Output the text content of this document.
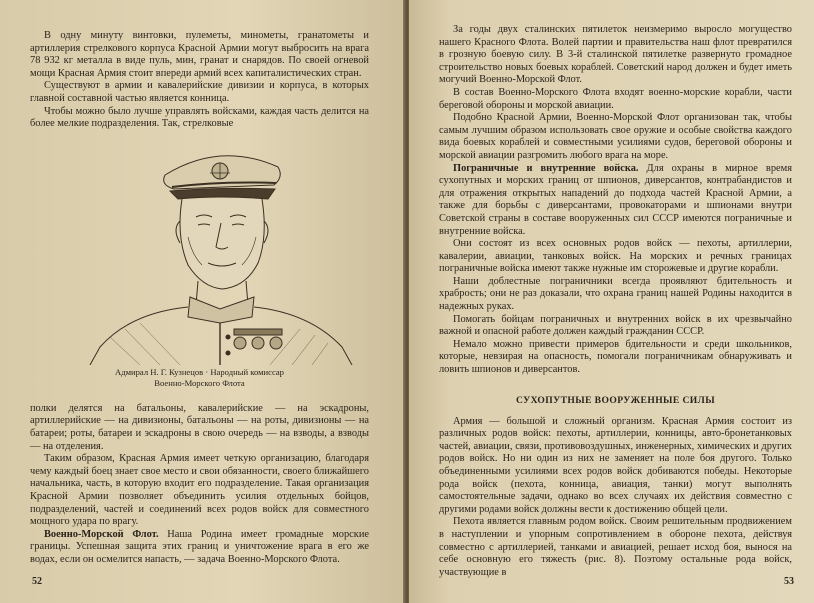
В одну минуту винтовки, пулеметы, минометы, гранатометы и артиллерия стрелкового корпуса Красной Армии могут выбросить на врага 78 932 кг металла в виде пуль, мин, гранат и снарядов. По своей огневой мощи Красная Армия стоит впереди армий всех капиталистических стран.

Существуют в армии и кавалерийские дивизии и корпуса, в которых главной составной частью является конница.

Чтобы можно было лучше управлять войсками, каждая часть делится на более мелкие подразделения. Так, стрелковые

Адмирал Н. Г. Кузнецов · Народный комиссар
Военно-Морского Флота

полки делятся на батальоны, кавалерийские — на эскадроны, артиллерийские — на дивизионы, батальоны — на роты, дивизионы — на батареи; роты, батареи и эскадроны в свою очередь — на взводы, а взводы — на отделения.

Таким образом, Красная Армия имеет четкую организацию, благодаря чему каждый боец знает свое место и свои обязанности, своего ближайшего начальника, часть, в которую входит его подразделение. Такая организация Красной Армии позволяет объединить усилия отдельных бойцов, подразделений, частей и соединений всех родов войск для совместного мощного удара по врагу.

Военно-Морской Флот. Наша Родина имеет громадные морские границы. Успешная защита этих границ и уничтожение врага в его же водах, если он осмелится напасть, — задача Военно-Морского Флота.

52

За годы двух сталинских пятилеток неизмеримо выросло могущество нашего Красного Флота. Волей партии и правительства наш флот превратился в грозную боевую силу. В 3-й сталинской пятилетке развернуто громадное строительство новых боевых кораблей. Советский народ должен и будет иметь могучий Военно-Морской Флот.

В состав Военно-Морского Флота входят военно-морские корабли, части береговой обороны и морской авиации.

Подобно Красной Армии, Военно-Морской Флот организован так, чтобы самым лучшим образом использовать свое оружие и особые свойства каждого вида боевых кораблей и совместными усилиями судов, береговой обороны и морской авиации разгромить любого врага на море.

Пограничные и внутренние войска. Для охраны в мирное время сухопутных и морских границ от шпионов, диверсантов, контрабандистов и для отражения открытых нападений до подхода частей Красной Армии, а также для борьбы с диверсантами, провокаторами и шпионами внутри Советской страны в составе вооруженных сил СССР имеются пограничные и внутренние войска.

Они состоят из всех основных родов войск — пехоты, артиллерии, кавалерии, авиации, танковых войск. На морских и речных границах пограничные войска имеют также нужные им сторожевые и другие корабли.

Наши доблестные пограничники всегда проявляют бдительность и храбрость; они не раз доказали, что охрана границ нашей Родины находится в надежных руках.

Помогать бойцам пограничных и внутренних войск в их чрезвычайно важной и опасной работе должен каждый гражданин СССР.

Немало можно привести примеров бдительности и среди школьников, которые, невзирая на опасность, помогали пограничникам обнаруживать и ловить шпионов и диверсантов.

СУХОПУТНЫЕ ВООРУЖЕННЫЕ СИЛЫ

Армия — большой и сложный организм. Красная Армия состоит из различных родов войск: пехоты, артиллерии, конницы, авто-бронетанковых частей, авиации, связи, противовоздушных, инженерных, химических и других родов войск. Но ни один из них не заменяет на поле боя другого. Только объединенными усилиями всех родов войск добиваются победы. Некоторые рода войск (пехота, конница, авиация, танки) могут выполнять самостоятельные задачи, однако во всех случаях их действия совместно с другими родами войск должны вести к достижению общей цели.

Пехота является главным родом войск. Своим решительным продвижением в наступлении и упорным сопротивлением в обороне пехота, действуя совместно с артиллерией, танками и авиацией, решает исход боя, вынося на себе основную его тяжесть (рис. 8). Поэтому остальные рода войск, участвующие в

53
